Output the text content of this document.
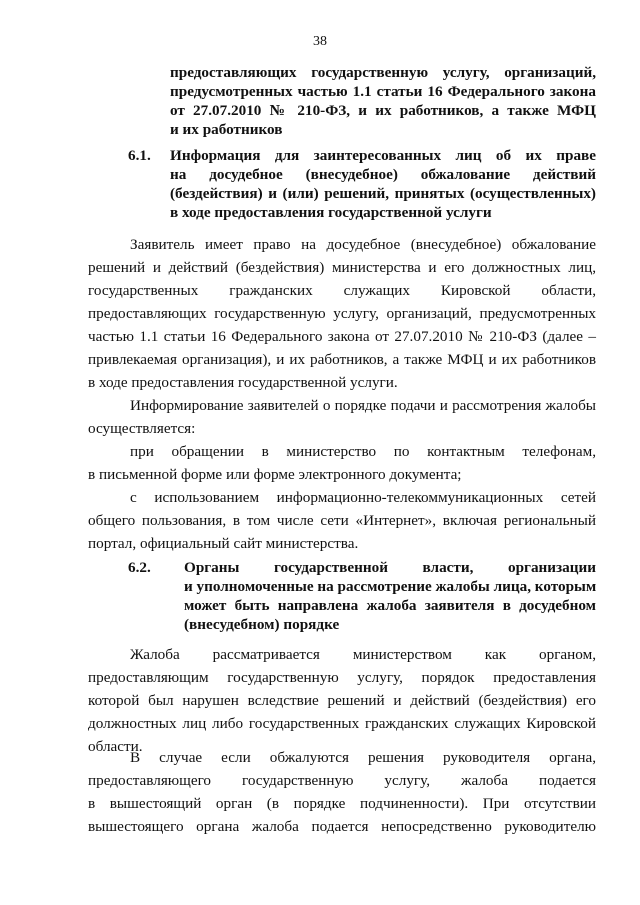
38
предоставляющих государственную услугу, организаций,
предусмотренных частью 1.1 статьи 16 Федерального закона
от 27.07.2010 № 210-ФЗ, и их работников, а также МФЦ
и их работников
6.1. Информация для заинтересованных лиц об их праве
на досудебное (внесудебное) обжалование действий
(бездействия) и (или) решений, принятых (осуществленных)
в ходе предоставления государственной услуги
Заявитель имеет право на досудебное (внесудебное) обжалование
решений и действий (бездействия) министерства и его должностных лиц,
государственных гражданских служащих Кировской области,
предоставляющих государственную услугу, организаций, предусмотренных
частью 1.1 статьи 16 Федерального закона от 27.07.2010 № 210-ФЗ (далее –
привлекаемая организация), и их работников, а также МФЦ и их работников
в ходе предоставления государственной услуги.
Информирование заявителей о порядке подачи и рассмотрения жалобы
осуществляется:
при обращении в министерство по контактным телефонам,
в письменной форме или форме электронного документа;
с использованием информационно-телекоммуникационных сетей
общего пользования, в том числе сети «Интернет», включая региональный
портал, официальный сайт министерства.
6.2. Органы государственной власти, организации
и уполномоченные на рассмотрение жалобы лица, которым
может быть направлена жалоба заявителя в досудебном
(внесудебном) порядке
Жалоба рассматривается министерством как органом,
предоставляющим государственную услугу, порядок предоставления
которой был нарушен вследствие решений и действий (бездействия) его
должностных лиц либо государственных гражданских служащих Кировской
области.
В случае если обжалуются решения руководителя органа,
предоставляющего государственную услугу, жалоба подается
в вышестоящий орган (в порядке подчиненности). При отсутствии
вышестоящего органа жалоба подается непосредственно руководителю
